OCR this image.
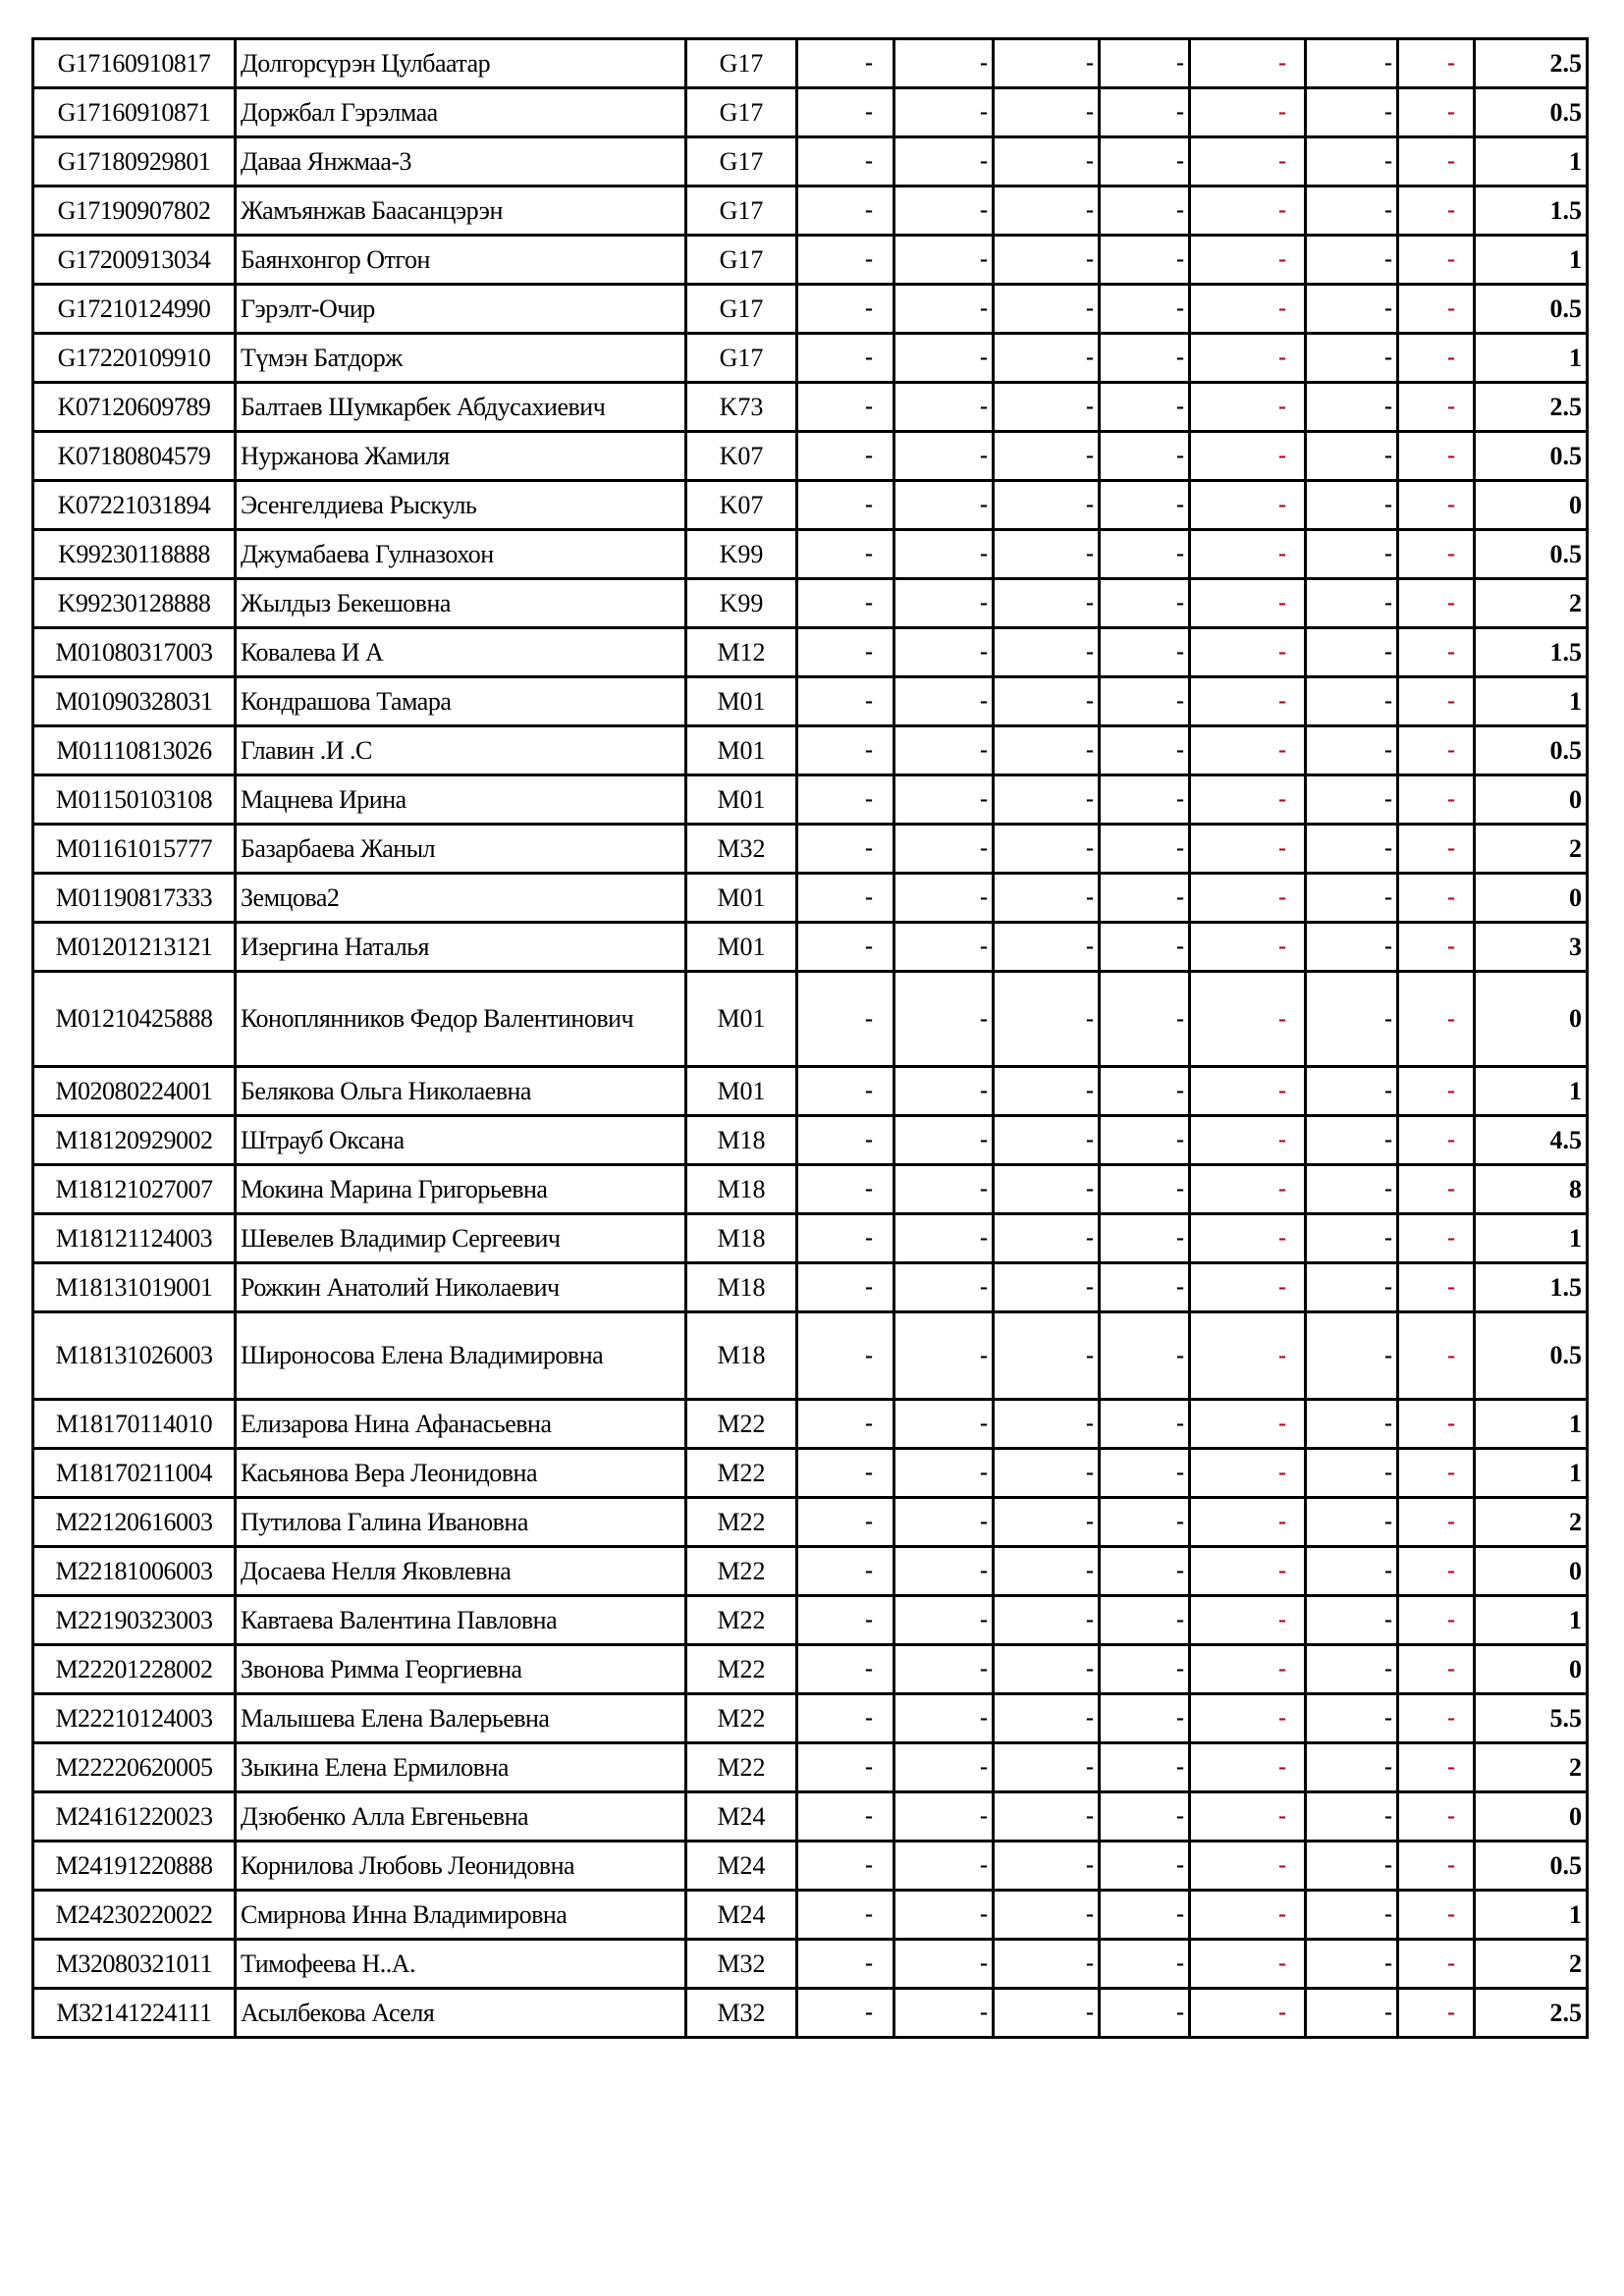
G17160910817	Долгорсүрэн Цулбаатар	G17	-	-	-	-	-	-	-	2.5
G17160910871	Доржбал Гэрэлмаа	G17	-	-	-	-	-	-	-	0.5
G17180929801	Даваа Янжмаа-3	G17	-	-	-	-	-	-	-	1
G17190907802	Жамъянжав Баасанцэрэн	G17	-	-	-	-	-	-	-	1.5
G17200913034	Баянхонгор Отгон	G17	-	-	-	-	-	-	-	1
G17210124990	Гэрэлт-Очир	G17	-	-	-	-	-	-	-	0.5
G17220109910	Түмэн Батдорж	G17	-	-	-	-	-	-	-	1
K07120609789	Балтаев Шумкарбек Абдусахиевич	K73	-	-	-	-	-	-	-	2.5
K07180804579	Нуржанова Жамиля	K07	-	-	-	-	-	-	-	0.5
K07221031894	Эсенгелдиева Рыскуль	K07	-	-	-	-	-	-	-	0
K99230118888	Джумабаева Гулназохон	K99	-	-	-	-	-	-	-	0.5
K99230128888	Жылдыз Бекешовна	K99	-	-	-	-	-	-	-	2
M01080317003	Ковалева И А	M12	-	-	-	-	-	-	-	1.5
M01090328031	Кондрашова Тамара	M01	-	-	-	-	-	-	-	1
M01110813026	Главин .И .С	M01	-	-	-	-	-	-	-	0.5
M01150103108	Мацнева Ирина	M01	-	-	-	-	-	-	-	0
M01161015777	Базарбаева Жаныл	M32	-	-	-	-	-	-	-	2
M01190817333	Земцова2	M01	-	-	-	-	-	-	-	0
M01201213121	Изергина Наталья	M01	-	-	-	-	-	-	-	3
M01210425888	Коноплянников Федор Валентинович	M01	-	-	-	-	-	-	-	0
M02080224001	Белякова Ольга Николаевна	M01	-	-	-	-	-	-	-	1
M18120929002	Штрауб Оксана	M18	-	-	-	-	-	-	-	4.5
M18121027007	Мокина Марина Григорьевна	M18	-	-	-	-	-	-	-	8
M18121124003	Шевелев Владимир Сергеевич	M18	-	-	-	-	-	-	-	1
M18131019001	Рожкин Анатолий Николаевич	M18	-	-	-	-	-	-	-	1.5
M18131026003	Широносова Елена Владимировна	M18	-	-	-	-	-	-	-	0.5
M18170114010	Елизарова Нина Афанасьевна	M22	-	-	-	-	-	-	-	1
M18170211004	Касьянова Вера Леонидовна	M22	-	-	-	-	-	-	-	1
M22120616003	Путилова Галина Ивановна	M22	-	-	-	-	-	-	-	2
M22181006003	Досаева Нелля Яковлевна	M22	-	-	-	-	-	-	-	0
M22190323003	Кавтаева Валентина Павловна	M22	-	-	-	-	-	-	-	1
M22201228002	Звонова Римма Георгиевна	M22	-	-	-	-	-	-	-	0
M22210124003	Малышева Елена Валерьевна	M22	-	-	-	-	-	-	-	5.5
M22220620005	Зыкина Елена Ермиловна	M22	-	-	-	-	-	-	-	2
M24161220023	Дзюбенко Алла Евгеньевна	M24	-	-	-	-	-	-	-	0
M24191220888	Корнилова Любовь Леонидовна	M24	-	-	-	-	-	-	-	0.5
M24230220022	Смирнова Инна Владимировна	M24	-	-	-	-	-	-	-	1
M32080321011	Тимофеева Н..А.	M32	-	-	-	-	-	-	-	2
M32141224111	Асылбекова Аселя	M32	-	-	-	-	-	-	-	2.5
